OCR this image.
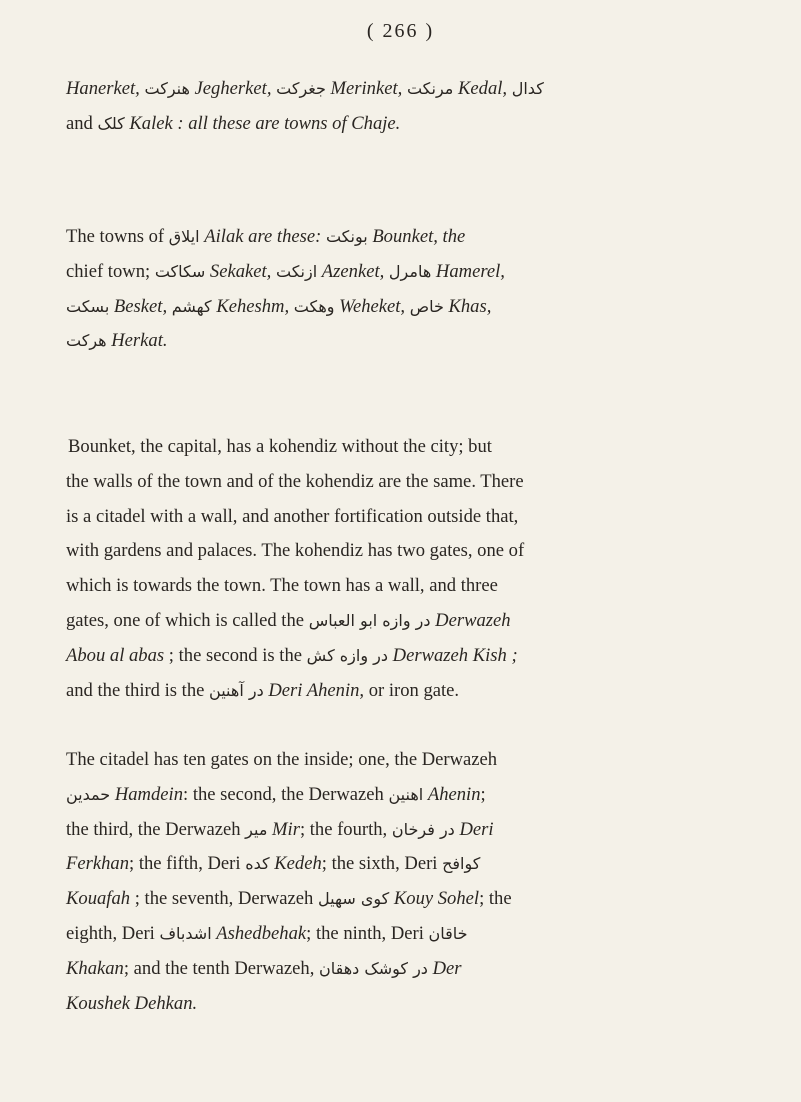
( 266 )

Hanerket, ھنرکت Jegherket, جغرکت Merinket, مرنکت Kedal, کدال
and کلک Kalek : all these are towns of Chaje.

The towns of ایلاق Ailak are these: بونکت Bounket, the
chief town; سکاکت Sekaket, ازنکت Azenket, هامرل Hamerel,
بسکت Besket, کهشم Keheshm, وهکت Weheket, خاص Khas,
هرکت Herkat.

Bounket, the capital, has a kohendiz without the city; but
the walls of the town and of the kohendiz are the same. There
is a citadel with a wall, and another fortification outside that,
with gardens and palaces. The kohendiz has two gates, one of
which is towards the town. The town has a wall, and three
gates, one of which is called the در وازه ابو العباس Derwazeh
Abou al abas ; the second is the در وازه کش Derwazeh Kish ;
and the third is the در آهنین Deri Ahenin, or iron gate.

The citadel has ten gates on the inside; one, the Derwazeh
حمدین Hamdein: the second, the Derwazeh اهنین Ahenin;
the third, the Derwazeh میر Mir; the fourth, در فرخان Deri
Ferkhan; the fifth, Deri کده Kedeh; the sixth, Deri کوافح
Kouafah ; the seventh, Derwazeh کوی سهیل Kouy Sohel; the
eighth, Deri اشدباف Ashedbehak; the ninth, Deri خاقان
Khakan; and the tenth Derwazeh, در کوشک دهقان Der
Koushek Dehkan.
